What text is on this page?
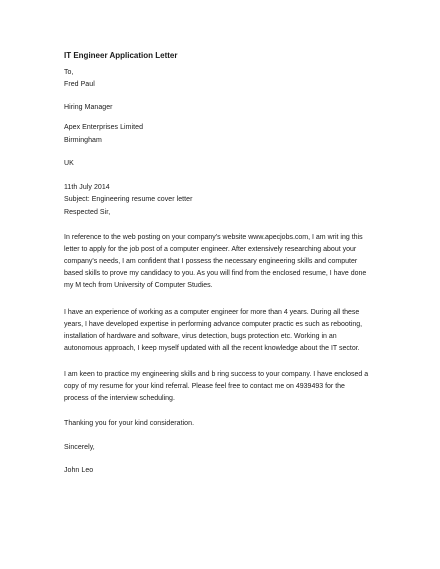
IT Engineer Application Letter
To,
Fred Paul
Hiring Manager
Apex Enterprises Limited
Birmingham
UK
11th July 2014
Subject: Engineering resume cover letter
Respected Sir,
In reference to the web posting on your company's website www.apecjobs.com, I am writ ing this
letter to apply for the job post of a computer engineer. After extensively researching about your
company's needs, I am confident that I possess the necessary engineering skills and computer
based skills to prove my candidacy to you. As you will find from the enclosed resume, I have done
my M tech from University of Computer Studies.
I have an experience of working as a computer engineer for more than 4 years. During all these
years, I have developed expertise in performing advance computer practic es such as rebooting,
installation of hardware and software, virus detection, bugs protection etc. Working in an
autonomous approach, I keep myself updated with all the recent knowledge about the IT sector.
I am keen to practice my engineering skills and b ring success to your company. I have enclosed a
copy of my resume for your kind referral. Please feel free to contact me on 4939493 for the
process of the interview scheduling.
Thanking you for your kind consideration.
Sincerely,
John Leo
